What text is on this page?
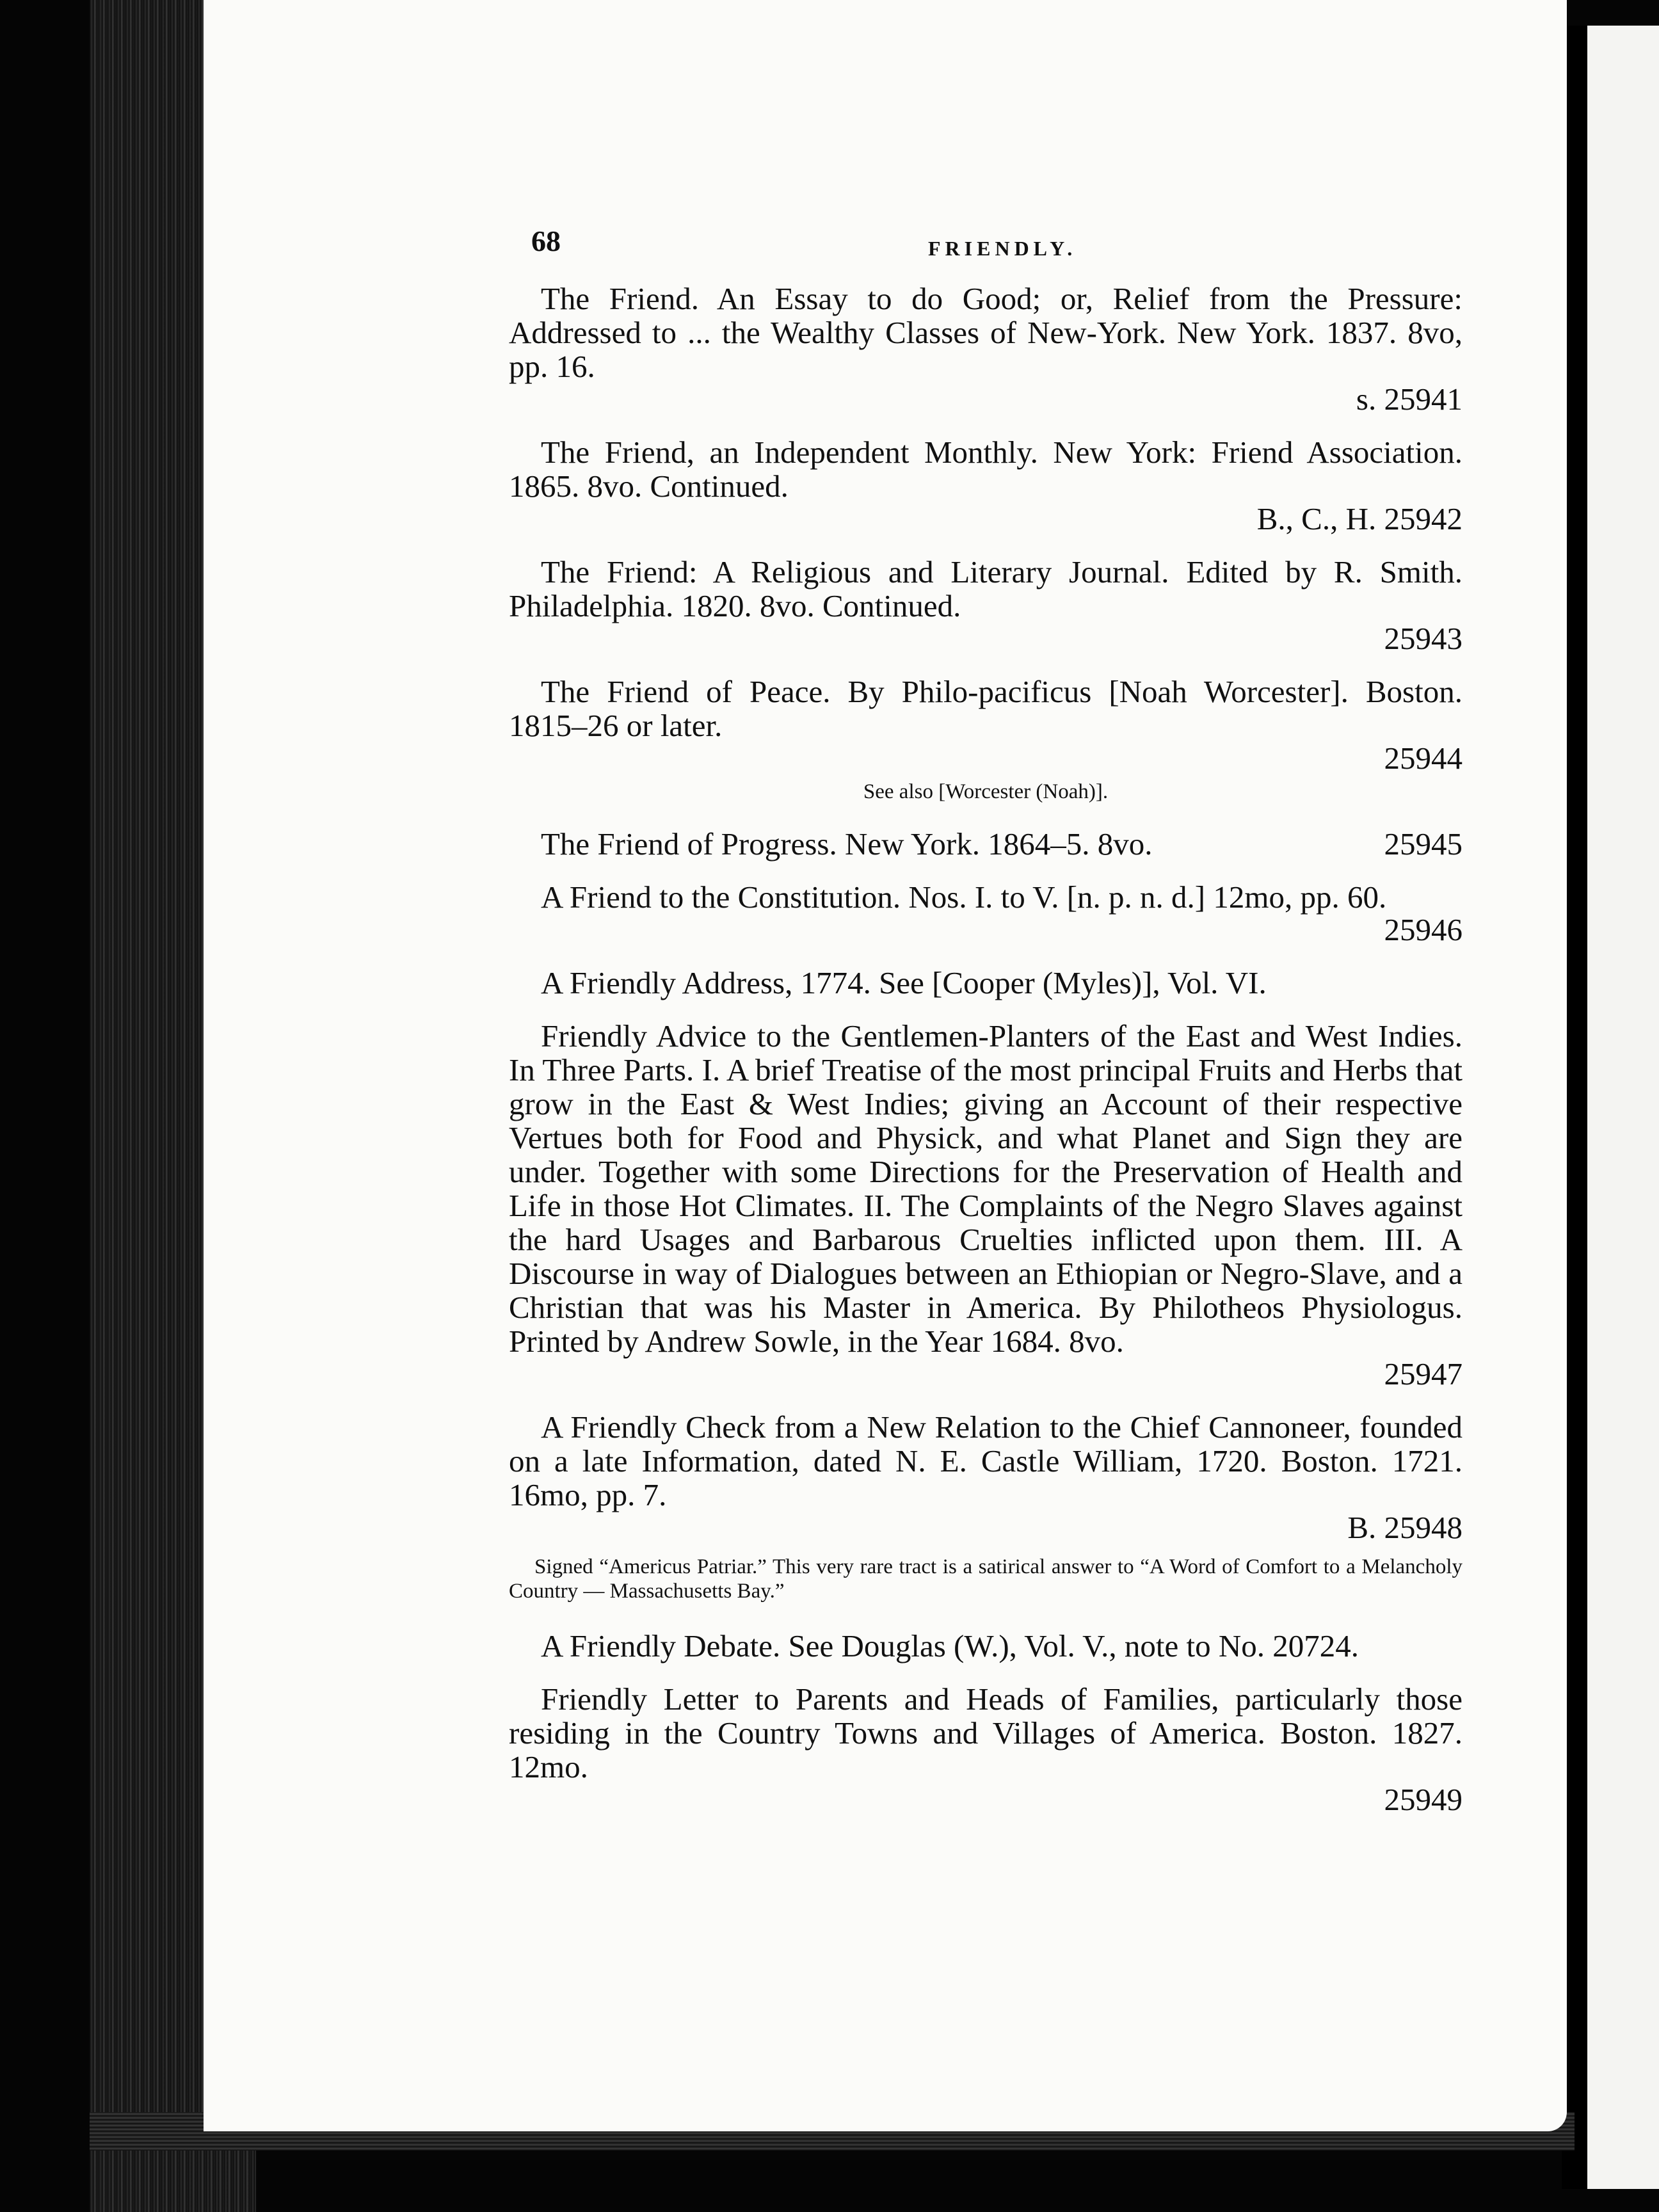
68	FRIENDLY.
The Friend. An Essay to do Good; or, Relief from the Pressure: Addressed to ... the Wealthy Classes of New-York. New York. 1837. 8vo, pp. 16.
s. 25941
The Friend, an Independent Monthly. New York: Friend Association. 1865. 8vo. Continued.
B., C., H. 25942
The Friend: A Religious and Literary Journal. Edited by R. Smith. Philadelphia. 1820. 8vo. Continued.
25943
The Friend of Peace. By Philo-pacificus [Noah Worcester]. Boston. 1815–26 or later.
25944
See also [Worcester (Noah)].
25945
The Friend of Progress. New York. 1864–5. 8vo.
A Friend to the Constitution. Nos. I. to V. [n. p. n. d.] 12mo, pp. 60.
25946
A Friendly Address, 1774. See [Cooper (Myles)], Vol. VI.
Friendly Advice to the Gentlemen-Planters of the East and West Indies. In Three Parts. I. A brief Treatise of the most principal Fruits and Herbs that grow in the East & West Indies; giving an Account of their respective Vertues both for Food and Physick, and what Planet and Sign they are under. Together with some Directions for the Preservation of Health and Life in those Hot Climates. II. The Complaints of the Negro Slaves against the hard Usages and Barbarous Cruelties inflicted upon them. III. A Discourse in way of Dialogues between an Ethiopian or Negro-Slave, and a Christian that was his Master in America. By Philotheos Physiologus. Printed by Andrew Sowle, in the Year 1684. 8vo.
25947
A Friendly Check from a New Relation to the Chief Cannoneer, founded on a late Information, dated N. E. Castle William, 1720. Boston. 1721. 16mo, pp. 7.
B. 25948
Signed “Americus Patriar.” This very rare tract is a satirical answer to “A Word of Comfort to a Melancholy Country — Massachusetts Bay.”
A Friendly Debate. See Douglas (W.), Vol. V., note to No. 20724.
Friendly Letter to Parents and Heads of Families, particularly those residing in the Country Towns and Villages of America. Boston. 1827. 12mo.
25949
